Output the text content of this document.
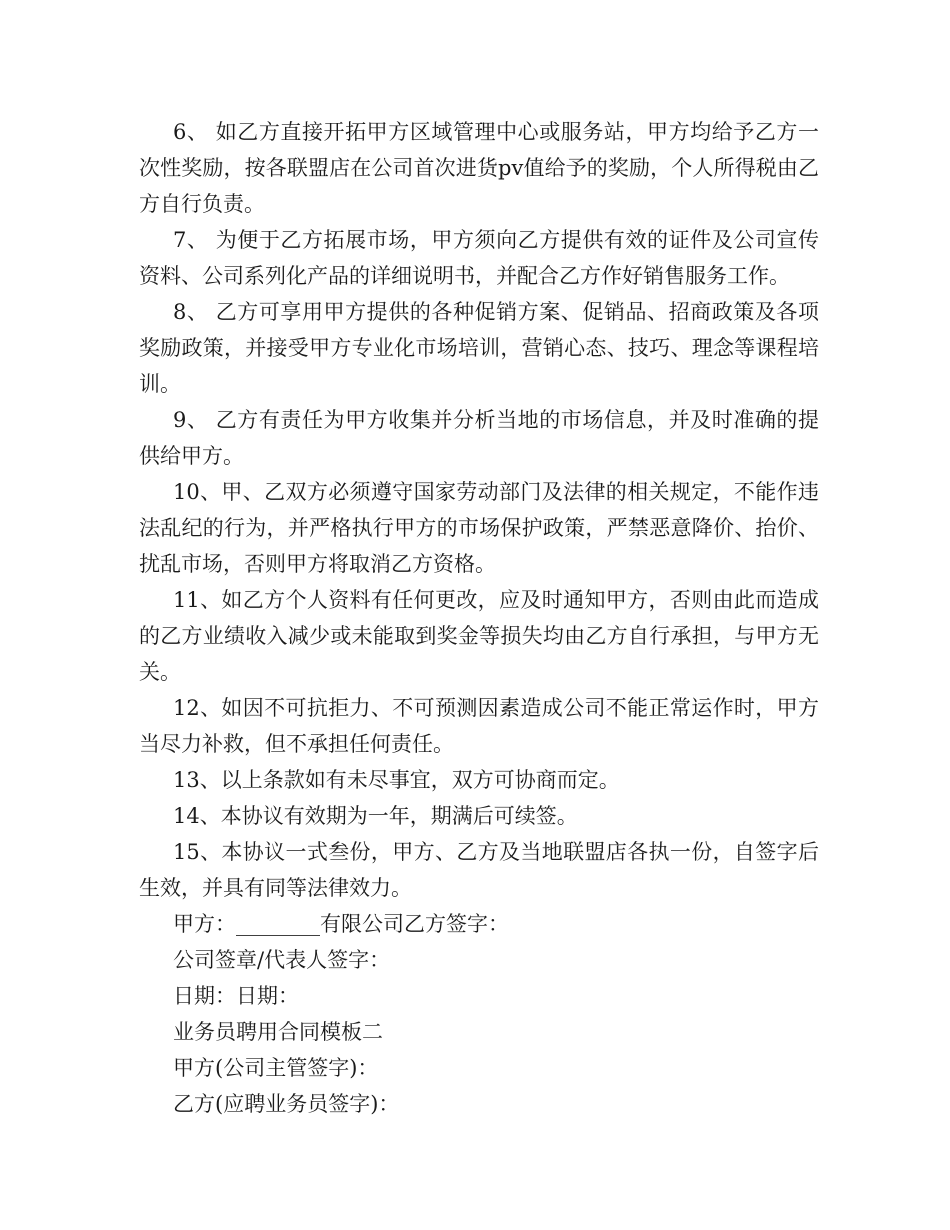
6、 如乙方直接开拓甲方区域管理中心或服务站，甲方均给予乙方一次性奖励，按各联盟店在公司首次进货pv值给予的奖励，个人所得税由乙方自行负责。

7、 为便于乙方拓展市场，甲方须向乙方提供有效的证件及公司宣传资料、公司系列化产品的详细说明书，并配合乙方作好销售服务工作。

8、 乙方可享用甲方提供的各种促销方案、促销品、招商政策及各项奖励政策，并接受甲方专业化市场培训，营销心态、技巧、理念等课程培训。

9、 乙方有责任为甲方收集并分析当地的市场信息，并及时准确的提供给甲方。

10、甲、乙双方必须遵守国家劳动部门及法律的相关规定，不能作违法乱纪的行为，并严格执行甲方的市场保护政策，严禁恶意降价、抬价、扰乱市场，否则甲方将取消乙方资格。

11、如乙方个人资料有任何更改，应及时通知甲方，否则由此而造成的乙方业绩收入减少或未能取到奖金等损失均由乙方自行承担，与甲方无关。

12、如因不可抗拒力、不可预测因素造成公司不能正常运作时，甲方当尽力补救，但不承担任何责任。

13、以上条款如有未尽事宜，双方可协商而定。

14、本协议有效期为一年，期满后可续签。

15、本协议一式叁份，甲方、乙方及当地联盟店各执一份，自签字后生效，并具有同等法律效力。

甲方：________有限公司乙方签字：

公司签章/代表人签字：

日期：日期：

业务员聘用合同模板二

甲方(公司主管签字)：

乙方(应聘业务员签字)：
